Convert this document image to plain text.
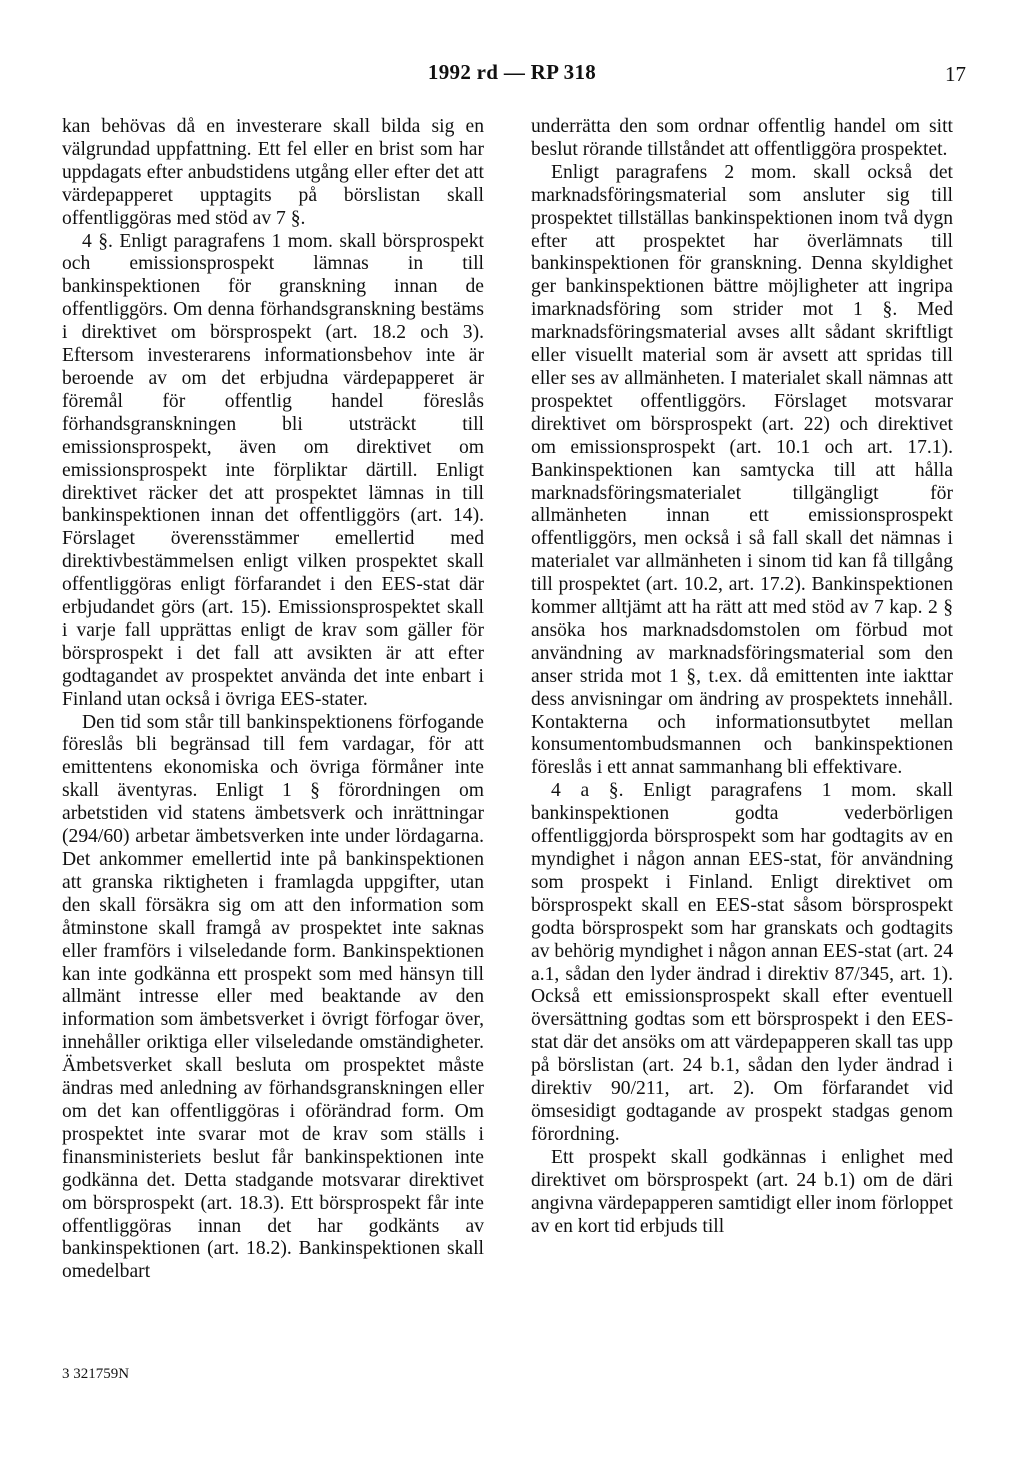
1992 rd — RP 318	17

kan behövas då en investerare skall bilda sig en välgrundad uppfattning. Ett fel eller en brist som har uppdagats efter anbudstidens utgång eller efter det att värdepapperet upptagits på börslistan skall offentliggöras med stöd av 7 §.

4 §. Enligt paragrafens 1 mom. skall börsprospekt och emissionsprospekt lämnas in till bankinspektionen för granskning innan de offentliggörs. Om denna förhandsgranskning bestäms i direktivet om börsprospekt (art. 18.2 och 3). Eftersom investerarens informationsbehov inte är beroende av om det erbjudna värdepapperet är föremål för offentlig handel föreslås förhandsgranskningen bli utsträckt till emissionsprospekt, även om direktivet om emissionsprospekt inte förpliktar därtill. Enligt direktivet räcker det att prospektet lämnas in till bankinspektionen innan det offentliggörs (art. 14). Förslaget överensstämmer emellertid med direktivbestämmelsen enligt vilken prospektet skall offentliggöras enligt förfarandet i den EES-stat där erbjudandet görs (art. 15). Emissionsprospektet skall i varje fall upprättas enligt de krav som gäller för börsprospekt i det fall att avsikten är att efter godtagandet av prospektet använda det inte enbart i Finland utan också i övriga EES-stater.

Den tid som står till bankinspektionens förfogande föreslås bli begränsad till fem vardagar, för att emittentens ekonomiska och övriga förmåner inte skall äventyras. Enligt 1 § förordningen om arbetstiden vid statens ämbetsverk och inrättningar (294/60) arbetar ämbetsverken inte under lördagarna. Det ankommer emellertid inte på bankinspektionen att granska riktigheten i framlagda uppgifter, utan den skall försäkra sig om att den information som åtminstone skall framgå av prospektet inte saknas eller framförs i vilseledande form. Bankinspektionen kan inte godkänna ett prospekt som med hänsyn till allmänt intresse eller med beaktande av den information som ämbetsverket i övrigt förfogar över, innehåller oriktiga eller vilseledande omständigheter. Ämbetsverket skall besluta om prospektet måste ändras med anledning av förhandsgranskningen eller om det kan offentliggöras i oförändrad form. Om prospektet inte svarar mot de krav som ställs i finansministeriets beslut får bankinspektionen inte godkänna det. Detta stadgande motsvarar direktivet om börsprospekt (art. 18.3). Ett börsprospekt får inte offentliggöras innan det har godkänts av bankinspektionen (art. 18.2). Bankinspektionen skall omedelbart

underrätta den som ordnar offentlig handel om sitt beslut rörande tillståndet att offentliggöra prospektet.

Enligt paragrafens 2 mom. skall också det marknadsföringsmaterial som ansluter sig till prospektet tillställas bankinspektionen inom två dygn efter att prospektet har överlämnats till bankinspektionen för granskning. Denna skyldighet ger bankinspektionen bättre möjligheter att ingripa imarknadsföring som strider mot 1 §. Med marknadsföringsmaterial avses allt sådant skriftligt eller visuellt material som är avsett att spridas till eller ses av allmänheten. I materialet skall nämnas att prospektet offentliggörs. Förslaget motsvarar direktivet om börsprospekt (art. 22) och direktivet om emissionsprospekt (art. 10.1 och art. 17.1). Bankinspektionen kan samtycka till att hålla marknadsföringsmaterialet tillgängligt för allmänheten innan ett emissionsprospekt offentliggörs, men också i så fall skall det nämnas i materialet var allmänheten i sinom tid kan få tillgång till prospektet (art. 10.2, art. 17.2). Bankinspektionen kommer alltjämt att ha rätt att med stöd av 7 kap. 2 § ansöka hos marknadsdomstolen om förbud mot användning av marknadsföringsmaterial som den anser strida mot 1 §, t.ex. då emittenten inte iakttar dess anvisningar om ändring av prospektets innehåll. Kontakterna och informationsutbytet mellan konsumentombudsmannen och bankinspektionen föreslås i ett annat sammanhang bli effektivare.

4 a §. Enligt paragrafens 1 mom. skall bankinspektionen godta vederbörligen offentliggjorda börsprospekt som har godtagits av en myndighet i någon annan EES-stat, för användning som prospekt i Finland. Enligt direktivet om börsprospekt skall en EES-stat såsom börsprospekt godta börsprospekt som har granskats och godtagits av behörig myndighet i någon annan EES-stat (art. 24 a.1, sådan den lyder ändrad i direktiv 87/345, art. 1). Också ett emissionsprospekt skall efter eventuell översättning godtas som ett börsprospekt i den EES-stat där det ansöks om att värdepapperen skall tas upp på börslistan (art. 24 b.1, sådan den lyder ändrad i direktiv 90/211, art. 2). Om förfarandet vid ömsesidigt godtagande av prospekt stadgas genom förordning.

Ett prospekt skall godkännas i enlighet med direktivet om börsprospekt (art. 24 b.1) om de däri angivna värdepapperen samtidigt eller inom förloppet av en kort tid erbjuds till

3 321759N
